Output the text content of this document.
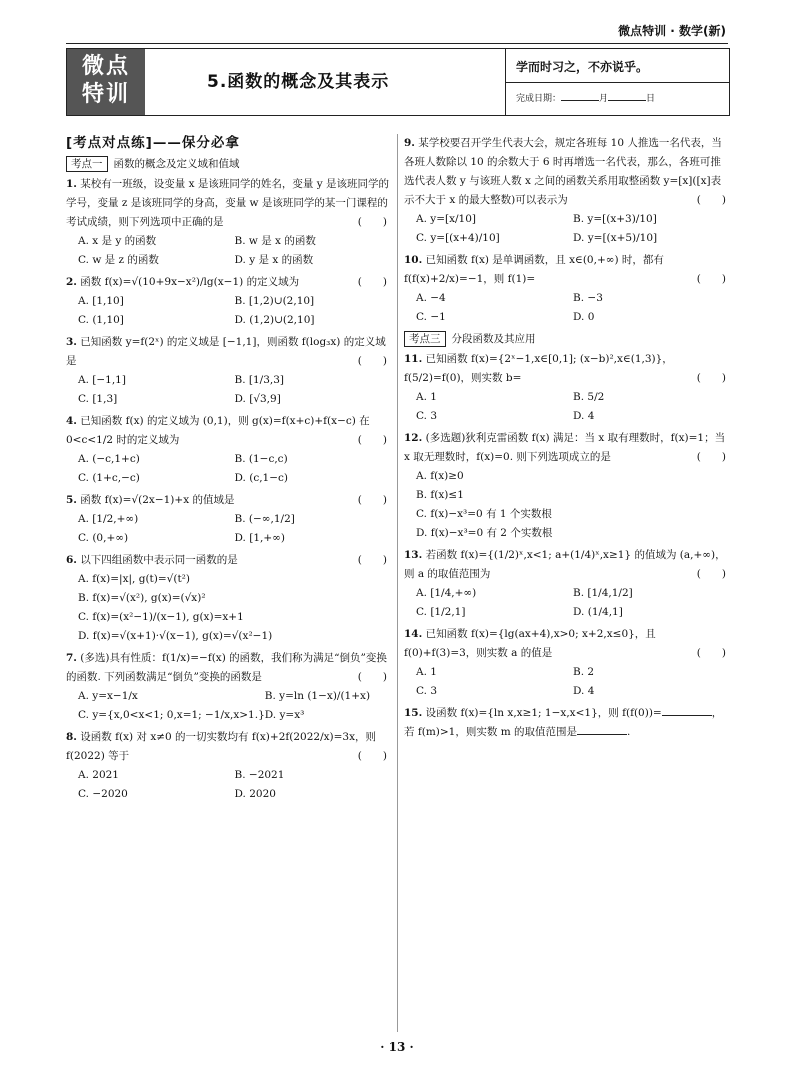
微点特训 · 数学(新)
微点
特训	5.函数的概念及其表示
学而时习之，不亦说乎。
完成日期：	月	日
[考点对点练]——保分必拿
考点一 函数的概念及定义域和值域
1. 某校有一班级，设变量 x 是该班同学的姓名，变量 y 是该班同学的学号，变量 z 是该班同学的身高，变量 w 是该班同学的某一门课程的考试成绩，则下列选项中正确的是	(　　)
A. x 是 y 的函数	B. w 是 x 的函数
C. w 是 z 的函数	D. y 是 x 的函数
2. 函数 f(x)=√(10+9x−x²)/lg(x−1) 的定义域为	(　　)
A. [1,10]	B. [1,2)∪(2,10]
C. (1,10]	D. (1,2)∪(2,10]
3. 已知函数 y=f(2ˣ) 的定义域是 [−1,1]，则函数 f(log₃x) 的定义域是	(　　)
A. [−1,1]	B. [1/3,3]
C. [1,3]	D. [√3,9]
4. 已知函数 f(x) 的定义域为 (0,1)，则 g(x)=f(x+c)+f(x−c) 在 0<c<1/2 时的定义域为	(　　)
A. (−c,1+c)	B. (1−c,c)
C. (1+c,−c)	D. (c,1−c)
5. 函数 f(x)=√(2x−1)+x 的值域是	(　　)
A. [1/2,+∞)	B. (−∞,1/2]
C. (0,+∞)	D. [1,+∞)
6. 以下四组函数中表示同一函数的是	(　　)
A. f(x)=|x|, g(t)=√(t²)
B. f(x)=√(x²), g(x)=(√x)²
C. f(x)=(x²−1)/(x−1), g(x)=x+1
D. f(x)=√(x+1)·√(x−1), g(x)=√(x²−1)
7. (多选)具有性质：f(1/x)=−f(x) 的函数，我们称为满足“倒负”变换的函数. 下列函数满足“倒负”变换的函数是	(　　)
A. y=x−1/x	B. y=ln (1−x)/(1+x)
C. y={x,0<x<1; 0,x=1; −1/x,x>1.} D. y=x³
8. 设函数 f(x) 对 x≠0 的一切实数均有 f(x)+2f(2022/x)=3x，则 f(2022) 等于	(　　)
A. 2021	B. −2021
C. −2020	D. 2020
9. 某学校要召开学生代表大会，规定各班每 10 人推选一名代表，当各班人数除以 10 的余数大于 6 时再增选一名代表，那么，各班可推选代表人数 y 与该班人数 x 之间的函数关系用取整函数 y=[x]([x]表示不大于 x 的最大整数)可以表示为	(　　)
A. y=[x/10]	B. y=[(x+3)/10]
C. y=[(x+4)/10]	D. y=[(x+5)/10]
10. 已知函数 f(x) 是单调函数，且 x∈(0,+∞) 时，都有 f(f(x)+2/x)=−1，则 f(1)=	(　　)
A. −4	B. −3
C. −1	D. 0
考点三 分段函数及其应用
11. 已知函数 f(x)={2ˣ−1,x∈[0,1]; (x−b)²,x∈(1,3)}，f(5/2)=f(0)，则实数 b=	(　　)
A. 1	B. 5/2
C. 3	D. 4
12. (多选题)狄利克雷函数 f(x) 满足：当 x 取有理数时，f(x)=1；当 x 取无理数时，f(x)=0. 则下列选项成立的是	(　　)
A. f(x)≥0
B. f(x)≤1
C. f(x)−x³=0 有 1 个实数根
D. f(x)−x³=0 有 2 个实数根
13. 若函数 f(x)={(1/2)ˣ,x<1; a+(1/4)ˣ,x≥1} 的值域为 (a,+∞)，则 a 的取值范围为	(　　)
A. [1/4,+∞)	B. [1/4,1/2]
C. [1/2,1]	D. (1/4,1]
14. 已知函数 f(x)={lg(ax+4),x>0; x+2,x≤0}，且 f(0)+f(3)=3，则实数 a 的值是	(　　)
A. 1	B. 2
C. 3	D. 4
15. 设函数 f(x)={ln x,x≥1; 1−x,x<1}，则 f(f(0))=	，若 f(m)>1，则实数 m 的取值范围是	.
· 13 ·
